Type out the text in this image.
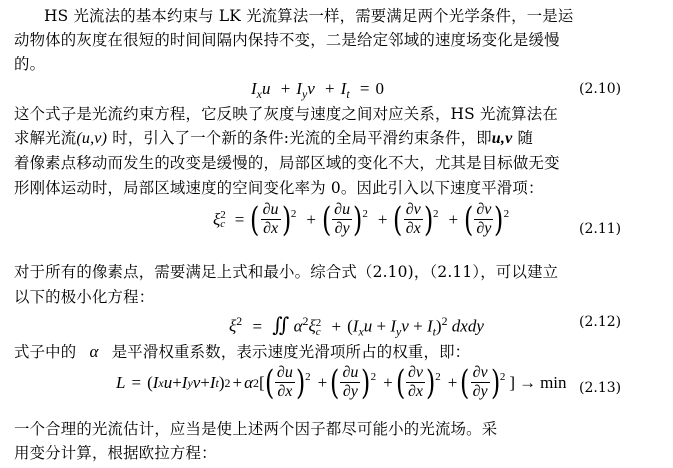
HS 光流法的基本约束与 LK 光流算法一样，需要满足两个光学条件，一是运
动物体的灰度在很短的时间间隔内保持不变，二是给定邻域的速度场变化是缓慢
的。
$I_xu + I_yv + I_t = 0$	(2.10)
这个式子是光流约束方程，它反映了灰度与速度之间对应关系，HS 光流算法在
求解光流(u,v) 时，引入了一个新的条件:光流的全局平滑约束条件，即u,v 随
着像素点移动而发生的改变是缓慢的，局部区域的变化不大，尤其是目标做无变
形刚体运动时，局部区域速度的空间变化率为 0。因此引入以下速度平滑项：
ξ 2
c = ( $\frac{\partial u}{\partial x}$ ) 2 + ( $\frac{\partial u}{\partial y}$ ) 2 + ( $\frac{\partial v}{\partial x}$ ) 2 + ( $\frac{\partial v}{\partial y}$ ) 2
(2.11)
对于所有的像素点，需要满足上式和最小。综合式（2.10)，（2.11），可以建立
以下的极小化方程：
$\xi^2$ = ∬ $\alpha^2\xi$ 2
$c + (I_xu + I_yv + I_t)^2$ dxdy	(2.12)
式子中的 α 是平滑权重系数，表示速度光滑项所占的权重，即：
L = ( I x u + I y v + I t ) 2 + α 2 [ ( $\frac{\partial u}{\partial x}$ ) 2 + ( $\frac{\partial u}{\partial y}$ ) 2 + ( $\frac{\partial v}{\partial x}$ ) 2 + ( $\frac{\partial v}{\partial y}$ ) 2 ] → min (2.13)
一个合理的光流估计，应当是使上述两个因子都尽可能小的光流场。采
用变分计算，根据欧拉方程：
